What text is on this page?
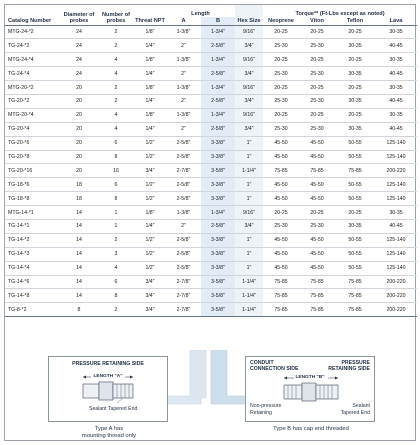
Catalog Number	Diameter of probes	Number of probes	Threat NPT	Length		Hex Size	Torque** (Ft-Lbs except as noted)			
				A	B		Neoprene	Viton	Teflon	Lava
MTG-24-*2	24	2	1/8"	1-3/8"	1-3/4"	9/16"	20-25	20-25	20-25	30-35
TG-24-*2	24	2	1/4"	2"	2-5/8"	3/4"	25-30	25-30	30-35	40-45
MTG-24-*4	24	4	1/8"	1-3/8"	1-3/4"	9/16"	20-25	20-25	20-25	30-35
TG-24-*4	24	4	1/4"	2"	2-5/8"	3/4"	25-30	25-30	30-35	40-45
MTG-20-*2	20	2	1/8"	1-3/8"	1-3/4"	9/16"	20-25	20-25	20-25	30-35
TG-20-*2	20	2	1/4"	2"	2-5/8"	3/4"	25-30	25-30	30-35	40-45
MTG-20-*4	20	4	1/8"	1-3/8"	1-3/4"	9/16"	20-25	20-25	20-25	30-35
TG-20-*4	20	4	1/4"	2"	2-5/8"	3/4"	25-30	25-30	30-35	40-45
TG-20-*6	20	6	1/2"	2-5/8"	3-3/8"	1"	45-50	45-50	50-55	125-140
TG-20-*8	20	8	1/2"	2-5/8"	3-3/8"	1"	45-50	45-50	50-55	125-140
TG-20-*16	20	16	3/4"	2-7/8"	3-5/8"	1-1/4"	75-85	75-85	75-85	200-220
TG-18-*6	18	6	1/2"	2-5/8"	3-3/8"	1"	45-50	45-50	50-55	125-140
TG-18-*8	18	8	1/2"	2-5/8"	3-3/8"	1"	45-50	45-50	50-55	125-140
MTG-14-*1	14	1	1/8"	1-3/8"	1-3/4"	9/16"	20-25	20-25	20-25	30-35
TG-14-*1	14	1	1/4"	2"	2-5/8"	3/4"	25-30	25-30	30-35	40-45
TG-14-*2	14	2	1/2"	2-5/8"	3-3/8"	1"	45-50	45-50	50-55	125-140
TG-14-*3	14	3	1/2"	2-5/8"	3-3/8"	1"	45-50	45-50	50-55	125-140
TG-14-*4	14	4	1/2"	2-5/8"	3-3/8"	1"	45-50	45-50	50-55	125-140
TG-14-*6	14	6	3/4"	2-7/8"	3-5/8"	1-1/4"	75-85	75-85	75-85	200-220
TG-14-*8	14	8	3/4"	2-7/8"	3-5/8"	1-1/4"	75-85	75-85	75-85	200-220
TG-8-*2	8	2	3/4"	2-7/8"	3-5/8"	1-1/4"	75-85	75-85	75-85	200-220
PRESSURE RETAINING SIDE
LENGTH "A"
Sealant Tapered End
CONDUIT
CONNECTION SIDE
PRESSURE
RETAINING SIDE
LENGTH "B"
Non-pressure
Retaining
Sealant
Tapered End
Type A has
mounting thread only
Type B has cap end threaded
